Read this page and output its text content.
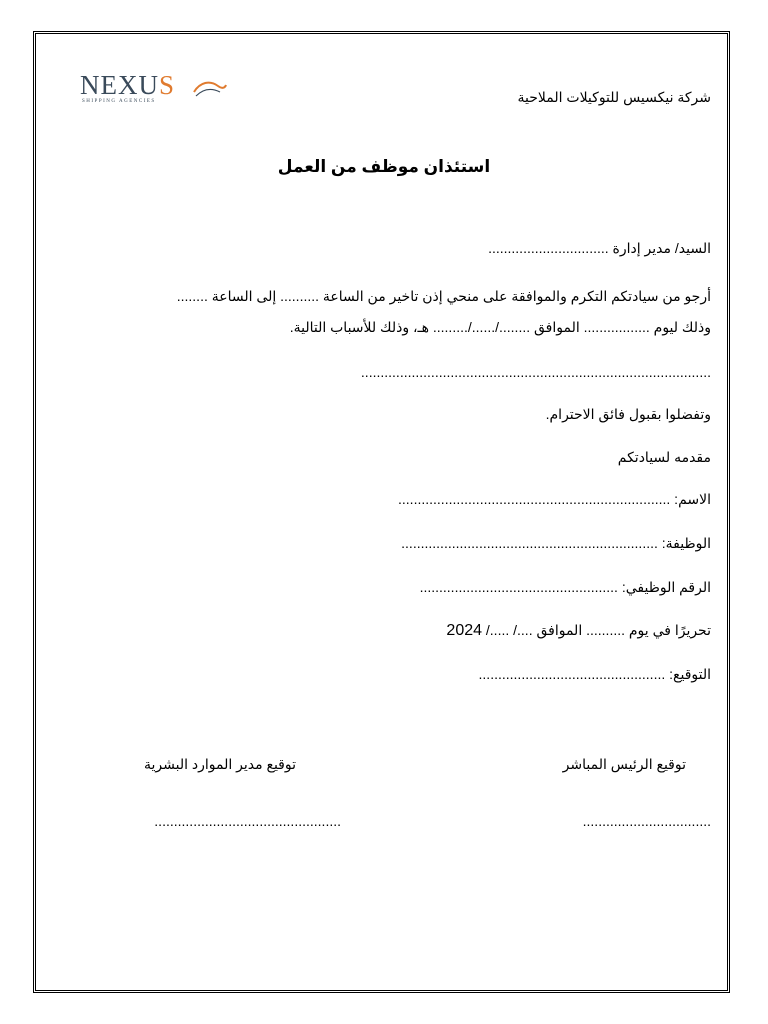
NEXUS
SHIPPING AGENCIES	شركة نيكسيس للتوكيلات الملاحية
استئذان موظف من العمل
السيد/ مدير إدارة ...............................
أرجو من سيادتكم التكرم والموافقة على منحي إذن تاخير من الساعة .......... إلى الساعة ........
وذلك ليوم ................. الموافق ......../....../......... هـ، وذلك للأسباب التالية.
..........................................................................................
وتفضلوا بقبول فائق الاحترام.
مقدمه لسيادتكم
الاسم: ......................................................................
الوظيفة: ..................................................................
الرقم الوظيفي: ...................................................
تحريرًا في يوم .......... الموافق ..../ ...../ 2024
التوقيع: ................................................
توقيع الرئيس المباشر
توقيع مدير الموارد البشرية
.................................
................................................
